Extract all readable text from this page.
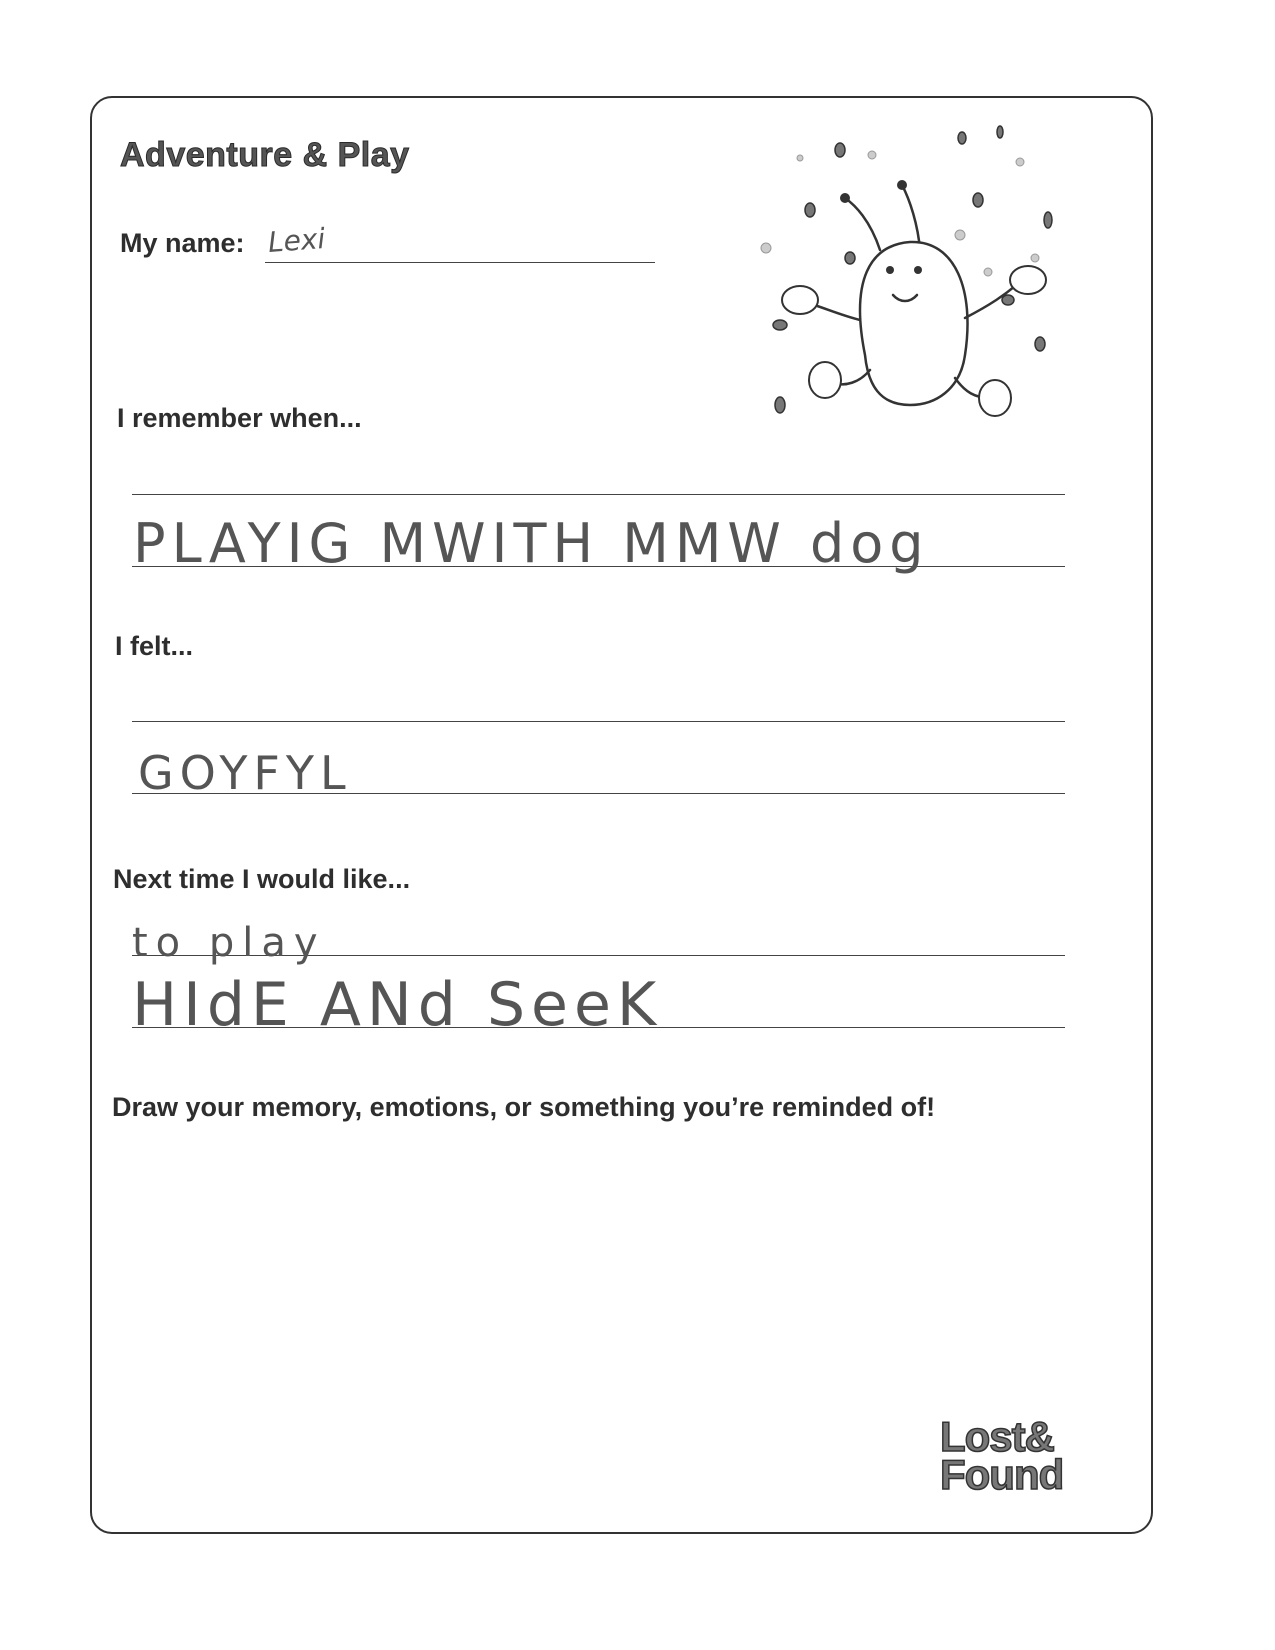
Adventure & Play
My name: Lexi
I remember when...
PLAYIG MWITH MMW dog
I felt...
GOYFYL
Next time I would like...
to play
HIdE ANd SeeK
Draw your memory, emotions, or something you’re reminded of!
Lost&
Found
